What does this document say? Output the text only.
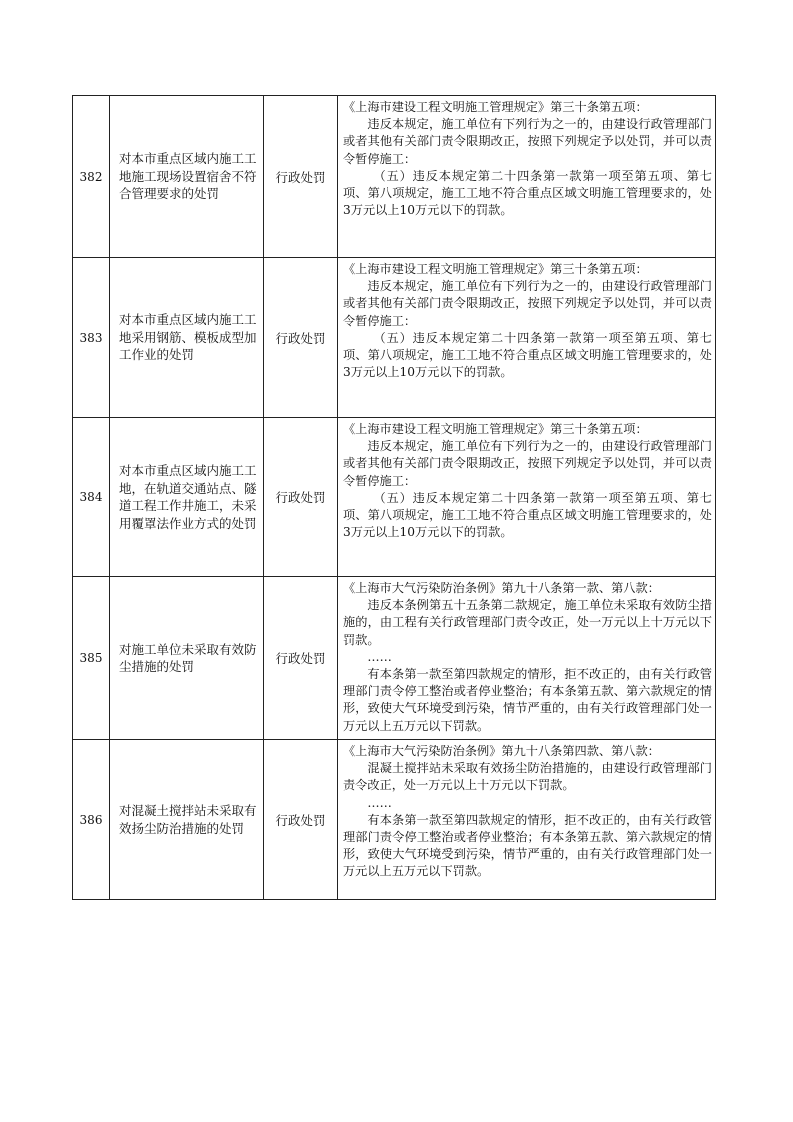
382	对本市重点区域内施工工地施工现场设置宿舍不符合管理要求的处罚	行政处罚	《上海市建设工程文明施工管理规定》第三十条第五项：

违反本规定，施工单位有下列行为之一的，由建设行政管理部门或者其他有关部门责令限期改正，按照下列规定予以处罚，并可以责令暂停施工：

（五）违反本规定第二十四条第一款第一项至第五项、第七项、第八项规定，施工工地不符合重点区域文明施工管理要求的，处3万元以上10万元以下的罚款。

383	对本市重点区域内施工工地采用钢筋、模板成型加工作业的处罚	行政处罚	《上海市建设工程文明施工管理规定》第三十条第五项：

违反本规定，施工单位有下列行为之一的，由建设行政管理部门或者其他有关部门责令限期改正，按照下列规定予以处罚，并可以责令暂停施工：

（五）违反本规定第二十四条第一款第一项至第五项、第七项、第八项规定，施工工地不符合重点区域文明施工管理要求的，处3万元以上10万元以下的罚款。

384	对本市重点区域内施工工地，在轨道交通站点、隧道工程工作井施工，未采用覆罩法作业方式的处罚	行政处罚	《上海市建设工程文明施工管理规定》第三十条第五项：

违反本规定，施工单位有下列行为之一的，由建设行政管理部门或者其他有关部门责令限期改正，按照下列规定予以处罚，并可以责令暂停施工：

（五）违反本规定第二十四条第一款第一项至第五项、第七项、第八项规定，施工工地不符合重点区域文明施工管理要求的，处3万元以上10万元以下的罚款。

385	对施工单位未采取有效防尘措施的处罚	行政处罚	《上海市大气污染防治条例》第九十八条第一款、第八款：

违反本条例第五十五条第二款规定，施工单位未采取有效防尘措施的，由工程有关行政管理部门责令改正，处一万元以上十万元以下罚款。

……

有本条第一款至第四款规定的情形，拒不改正的，由有关行政管理部门责令停工整治或者停业整治；有本条第五款、第六款规定的情形，致使大气环境受到污染，情节严重的，由有关行政管理部门处一万元以上五万元以下罚款。

386	对混凝土搅拌站未采取有效扬尘防治措施的处罚	行政处罚	《上海市大气污染防治条例》第九十八条第四款、第八款：

混凝土搅拌站未采取有效扬尘防治措施的，由建设行政管理部门责令改正，处一万元以上十万元以下罚款。

……

有本条第一款至第四款规定的情形，拒不改正的，由有关行政管理部门责令停工整治或者停业整治；有本条第五款、第六款规定的情形，致使大气环境受到污染，情节严重的，由有关行政管理部门处一万元以上五万元以下罚款。
